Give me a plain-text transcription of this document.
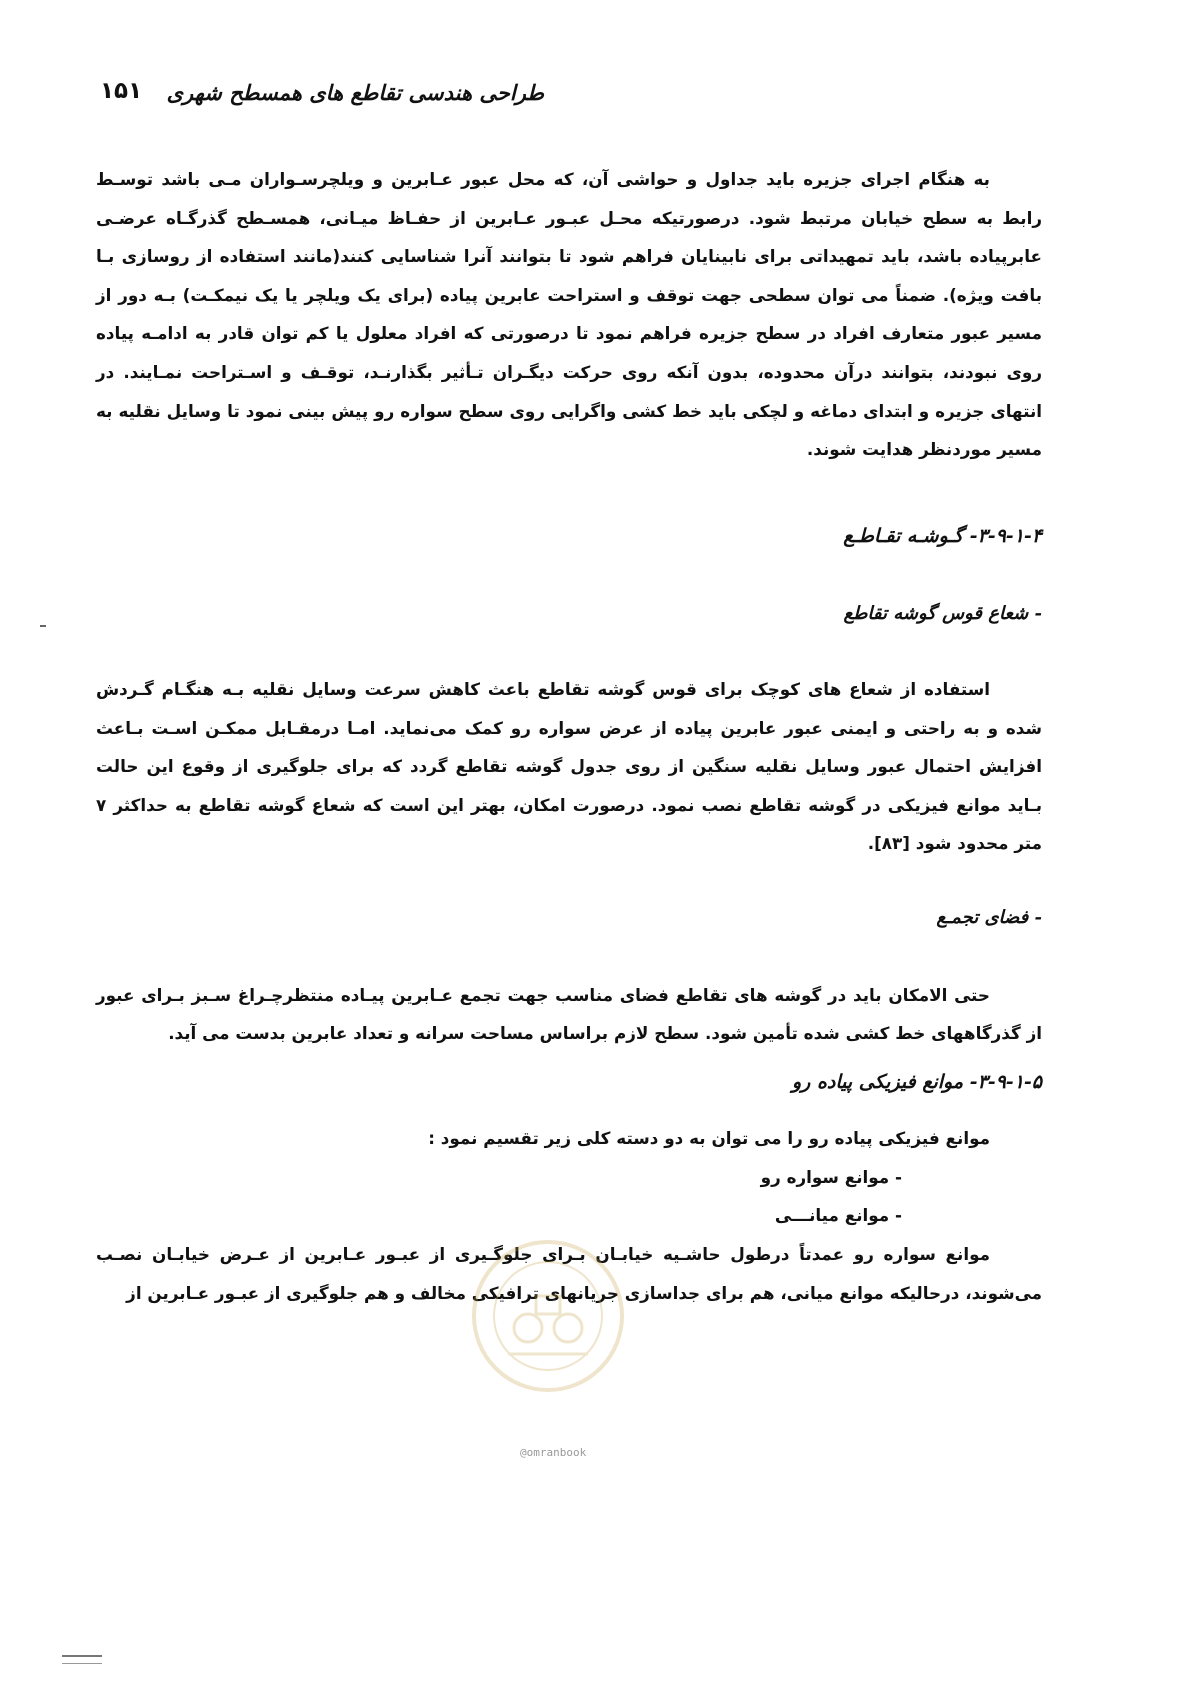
طراحی هندسی تقاطع های همسطح شهری
۱۵۱

به هنگام اجرای جزیره باید جداول و حواشی آن، که محل عبور عـابرین و ویلچرسـواران مـی باشد توسـط رابط به سطح خیابان مرتبط شود. درصورتیکه محـل عبـور عـابرین از حفـاظ میـانی، همسـطح گذرگـاه عرضـی عابرپیاده باشد، باید تمهیداتی برای نابینایان فراهم شود تا بتوانند آنرا شناسایی کنند(مانند استفاده از روسازی بـا بافت ویژه). ضمناً می توان سطحی جهت توقف و استراحت عابرین پیاده (برای یک ویلچر یا یک نیمکـت) بـه دور از مسیر عبور متعارف افراد در سطح جزیره فراهم نمود تا درصورتی که افراد معلول یا کم توان قادر به ادامـه پیاده روی نبودند، بتوانند درآن محدوده، بدون آنکه روی حرکت دیگـران تـأثیر بگذارنـد، توقـف و اسـتراحت نمـایند. در انتهای جزیره و ابتدای دماغه و لچکی باید خط کشی واگرایی روی سطح سواره رو پیش بینی نمود تا وسایل نقلیه به مسیر موردنظر هدایت شوند.

۳-۹-۱-۴- گـوشـه تقـاطـع

- شعاع قوس گوشه تقاطع

استفاده از شعاع های کوچک برای قوس گوشه تقاطع باعث کاهش سرعت وسایل نقلیه بـه هنگـام گـردش شده و به راحتی و ایمنی عبور عابرین پیاده از عرض سواره رو کمک می‌نماید. امـا درمقـابل ممکـن اسـت بـاعث افزایش احتمال عبور وسایل نقلیه سنگین از روی جدول گوشه تقاطع گردد که برای جلوگیری از وقوع این حالت بـاید موانع فیزیکی در گوشه تقاطع نصب نمود. درصورت امکان، بهتر این است که شعاع گوشه تقاطع به حداکثر ۷ متر محدود شود [۸۳].

- فضای تجمـع

حتی الامکان باید در گوشه های تقاطع فضای مناسب جهت تجمع عـابرین پیـاده منتظرچـراغ سـبز بـرای عبور از گذرگاههای خط کشی شده تأمین شود. سطح لازم براساس مساحت سرانه و تعداد عابرین بدست می آید.

۳-۹-۱-۵- موانع فیزیکی پیاده رو

موانع فیزیکی پیاده رو را می توان به دو دسته کلی زیر تقسیم نمود :

- موانع سواره رو
- موانع میانـــی

موانع سواره رو عمدتاً درطول حاشـیه خیابـان بـرای جلوگـیری از عبـور عـابرین از عـرض خیابـان نصـب می‌شوند، درحالیکه موانع میانی، هم برای جداسازی جریانهای ترافیکی مخالف و هم جلوگیری از عبـور عـابرین از

@omranbook
